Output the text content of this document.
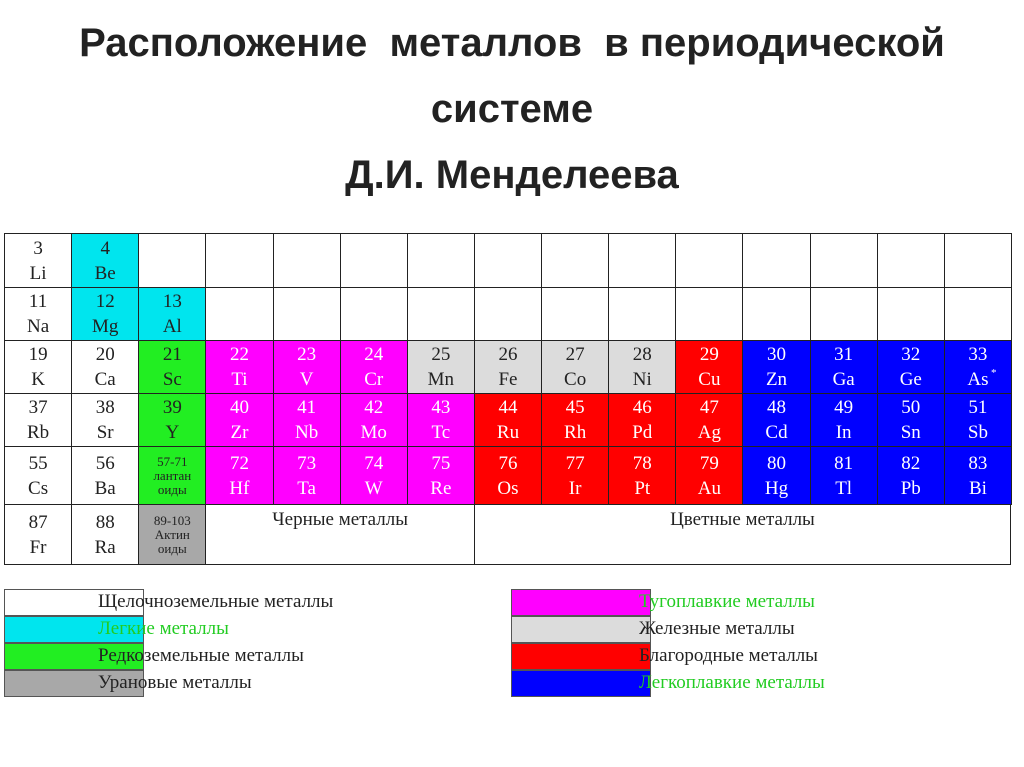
Расположение  металлов  в периодической
системе
Д.И. Менделеева
3
Li
4
Be
11
Na
12
Mg
13
Al
19
K
20
Ca
21
Sc
22
Ti
23
V
24
Cr
25
Mn
26
Fe
27
Co
28
Ni
29
Cu
30
Zn
31
Ga
32
Ge
33
As *
37
Rb
38
Sr
39
Y
40
Zr
41
Nb
42
Mo
43
Tc
44
Ru
45
Rh
46
Pd
47
Ag
48
Cd
49
In
50
Sn
51
Sb
55
Cs
56
Ba
57-71
лантан
оиды
72
Hf
73
Ta
74
W
75
Re
76
Os
77
Ir
78
Pt
79
Au
80
Hg
81
Tl
82
Pb
83
Bi
87
Fr
88
Ra
89-103
Актин
оиды
Черные металлы	Цветные металлы
Щелочноземельные металлы
Легкие металлы
Редкоземельные металлы
Урановые металлы
Тугоплавкие металлы
Железные металлы
Благородные металлы
Легкоплавкие металлы
